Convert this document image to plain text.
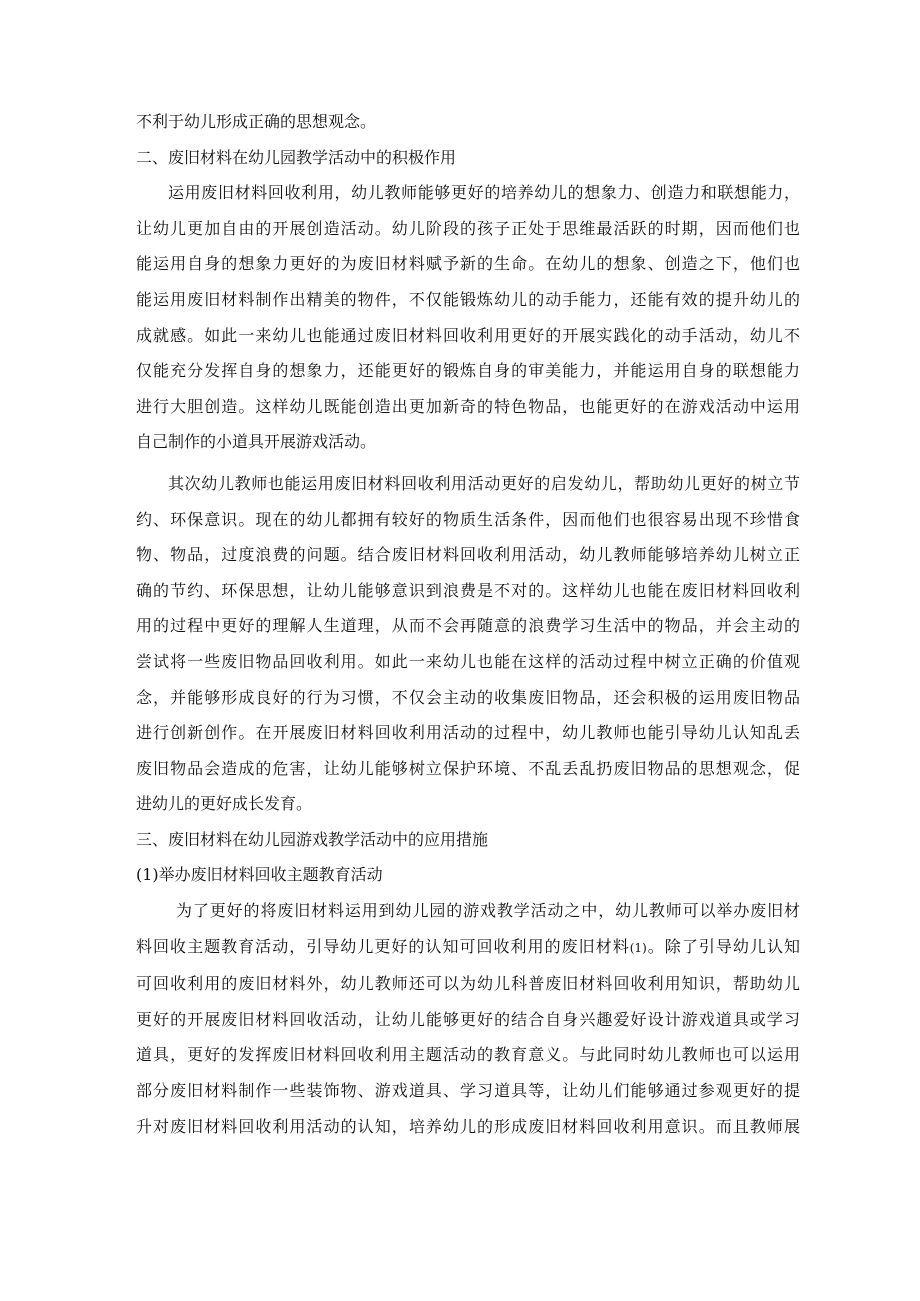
不利于幼儿形成正确的思想观念。
二、废旧材料在幼儿园教学活动中的积极作用
运用废旧材料回收利用，幼儿教师能够更好的培养幼儿的想象力、创造力和联想能力，
让幼儿更加自由的开展创造活动。幼儿阶段的孩子正处于思维最活跃的时期，因而他们也
能运用自身的想象力更好的为废旧材料赋予新的生命。在幼儿的想象、创造之下，他们也
能运用废旧材料制作出精美的物件，不仅能锻炼幼儿的动手能力，还能有效的提升幼儿的
成就感。如此一来幼儿也能通过废旧材料回收利用更好的开展实践化的动手活动，幼儿不
仅能充分发挥自身的想象力，还能更好的锻炼自身的审美能力，并能运用自身的联想能力
进行大胆创造。这样幼儿既能创造出更加新奇的特色物品，也能更好的在游戏活动中运用
自己制作的小道具开展游戏活动。
其次幼儿教师也能运用废旧材料回收利用活动更好的启发幼儿，帮助幼儿更好的树立节
约、环保意识。现在的幼儿都拥有较好的物质生活条件，因而他们也很容易出现不珍惜食
物、物品，过度浪费的问题。结合废旧材料回收利用活动，幼儿教师能够培养幼儿树立正
确的节约、环保思想，让幼儿能够意识到浪费是不对的。这样幼儿也能在废旧材料回收利
用的过程中更好的理解人生道理，从而不会再随意的浪费学习生活中的物品，并会主动的
尝试将一些废旧物品回收利用。如此一来幼儿也能在这样的活动过程中树立正确的价值观
念，并能够形成良好的行为习惯，不仅会主动的收集废旧物品，还会积极的运用废旧物品
进行创新创作。在开展废旧材料回收利用活动的过程中，幼儿教师也能引导幼儿认知乱丢
废旧物品会造成的危害，让幼儿能够树立保护环境、不乱丢乱扔废旧物品的思想观念，促
进幼儿的更好成长发育。
三、废旧材料在幼儿园游戏教学活动中的应用措施
(1)举办废旧材料回收主题教育活动
为了更好的将废旧材料运用到幼儿园的游戏教学活动之中，幼儿教师可以举办废旧材
料回收主题教育活动，引导幼儿更好的认知可回收利用的废旧材料(1)。除了引导幼儿认知
可回收利用的废旧材料外，幼儿教师还可以为幼儿科普废旧材料回收利用知识，帮助幼儿
更好的开展废旧材料回收活动，让幼儿能够更好的结合自身兴趣爱好设计游戏道具或学习
道具，更好的发挥废旧材料回收利用主题活动的教育意义。与此同时幼儿教师也可以运用
部分废旧材料制作一些装饰物、游戏道具、学习道具等，让幼儿们能够通过参观更好的提
升对废旧材料回收利用活动的认知，培养幼儿的形成废旧材料回收利用意识。而且教师展
